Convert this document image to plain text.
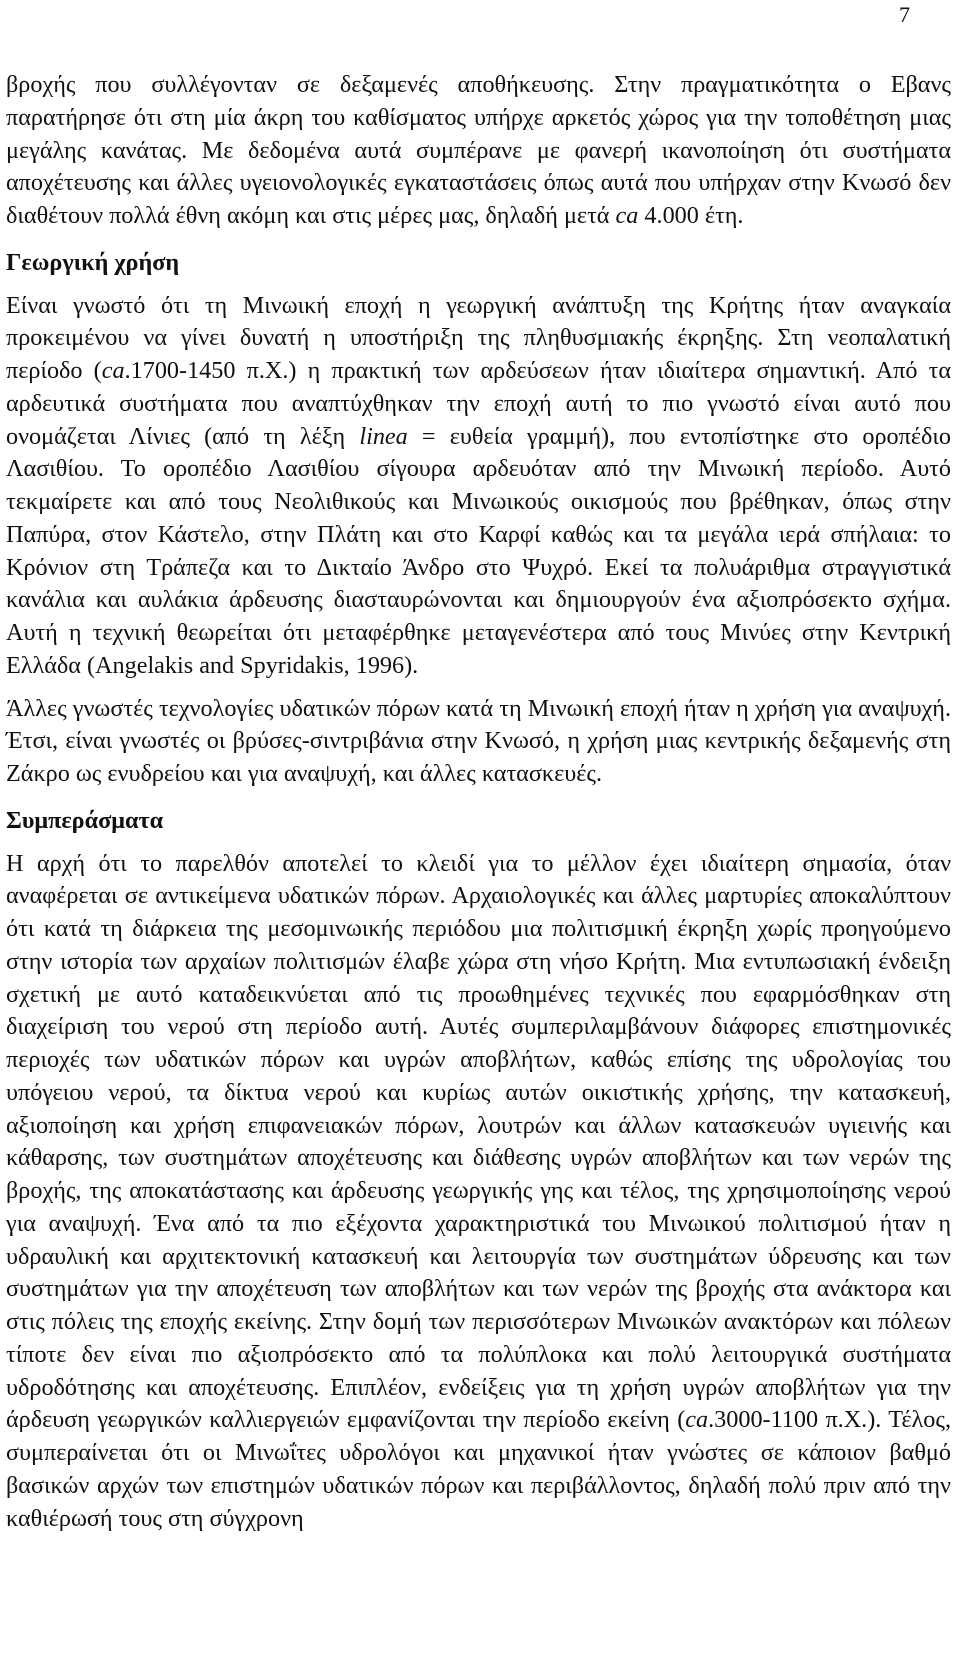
7

βροχής που συλλέγονταν σε δεξαμενές αποθήκευσης. Στην πραγματικότητα ο Εβανς παρατήρησε ότι στη μία άκρη του καθίσματος υπήρχε αρκετός χώρος για την τοποθέτηση μιας μεγάλης κανάτας. Με δεδομένα αυτά συμπέρανε με φανερή ικανοποίηση ότι συστήματα αποχέτευσης και άλλες υγειονολογικές εγκαταστάσεις όπως αυτά που υπήρχαν στην Κνωσό δεν διαθέτουν πολλά έθνη ακόμη και στις μέρες μας, δηλαδή μετά ca 4.000 έτη.

Γεωργική χρήση

Είναι γνωστό ότι τη Μινωική εποχή η γεωργική ανάπτυξη της Κρήτης ήταν αναγκαία προκειμένου να γίνει δυνατή η υποστήριξη της πληθυσμιακής έκρηξης. Στη νεοπαλατική περίοδο (ca.1700-1450 π.Χ.) η πρακτική των αρδεύσεων ήταν ιδιαίτερα σημαντική. Από τα αρδευτικά συστήματα που αναπτύχθηκαν την εποχή αυτή το πιο γνωστό είναι αυτό που ονομάζεται Λίνιες (από τη λέξη linea = ευθεία γραμμή), που εντοπίστηκε στο οροπέδιο Λασιθίου. Το οροπέδιο Λασιθίου σίγουρα αρδευόταν από την Μινωική περίοδο. Αυτό τεκμαίρετε και από τους Νεολιθικούς και Μινωικούς οικισμούς που βρέθηκαν, όπως στην Παπύρα, στον Κάστελο, στην Πλάτη και στο Καρφί καθώς και τα μεγάλα ιερά σπήλαια: το Κρόνιον στη Τράπεζα και το Δικταίο Άνδρο στο Ψυχρό. Εκεί τα πολυάριθμα στραγγιστικά κανάλια και αυλάκια άρδευσης διασταυρώνονται και δημιουργούν ένα αξιοπρόσεκτο σχήμα. Αυτή η τεχνική θεωρείται ότι μεταφέρθηκε μεταγενέστερα από τους Μινύες στην Κεντρική Ελλάδα (Angelakis and Spyridakis, 1996).

Άλλες γνωστές τεχνολογίες υδατικών πόρων κατά τη Μινωική εποχή ήταν η χρήση για αναψυχή. Έτσι, είναι γνωστές οι βρύσες-σιντριβάνια στην Κνωσό, η χρήση μιας κεντρικής δεξαμενής στη Ζάκρο ως ενυδρείου και για αναψυχή, και άλλες κατασκευές.

Συμπεράσματα

Η αρχή ότι το παρελθόν αποτελεί το κλειδί για το μέλλον έχει ιδιαίτερη σημασία, όταν αναφέρεται σε αντικείμενα υδατικών πόρων. Αρχαιολογικές και άλλες μαρτυρίες αποκαλύπτουν ότι κατά τη διάρκεια της μεσομινωικής περιόδου μια πολιτισμική έκρηξη χωρίς προηγούμενο στην ιστορία των αρχαίων πολιτισμών έλαβε χώρα στη νήσο Κρήτη. Μια εντυπωσιακή ένδειξη σχετική με αυτό καταδεικνύεται από τις προωθημένες τεχνικές που εφαρμόσθηκαν στη διαχείριση του νερού στη περίοδο αυτή. Αυτές συμπεριλαμβάνουν διάφορες επιστημονικές περιοχές των υδατικών πόρων και υγρών αποβλήτων, καθώς επίσης της υδρολογίας του υπόγειου νερού, τα δίκτυα νερού και κυρίως αυτών οικιστικής χρήσης, την κατασκευή, αξιοποίηση και χρήση επιφανειακών πόρων, λουτρών και άλλων κατασκευών υγιεινής και κάθαρσης, των συστημάτων αποχέτευσης και διάθεσης υγρών αποβλήτων και των νερών της βροχής, της αποκατάστασης και άρδευσης γεωργικής γης και τέλος, της χρησιμοποίησης νερού για αναψυχή. Ένα από τα πιο εξέχοντα χαρακτηριστικά του Μινωικού πολιτισμού ήταν η υδραυλική και αρχιτεκτονική κατασκευή και λειτουργία των συστημάτων ύδρευσης και των συστημάτων για την αποχέτευση των αποβλήτων και των νερών της βροχής στα ανάκτορα και στις πόλεις της εποχής εκείνης. Στην δομή των περισσότερων Μινωικών ανακτόρων και πόλεων τίποτε δεν είναι πιο αξιοπρόσεκτο από τα πολύπλοκα και πολύ λειτουργικά συστήματα υδροδότησης και αποχέτευσης. Επιπλέον, ενδείξεις για τη χρήση υγρών αποβλήτων για την άρδευση γεωργικών καλλιεργειών εμφανίζονται την περίοδο εκείνη (ca.3000-1100 π.Χ.). Τέλος, συμπεραίνεται ότι οι Μινωΐτες υδρολόγοι και μηχανικοί ήταν γνώστες σε κάποιον βαθμό βασικών αρχών των επιστημών υδατικών πόρων και περιβάλλοντος, δηλαδή πολύ πριν από την καθιέρωσή τους στη σύγχρονη
